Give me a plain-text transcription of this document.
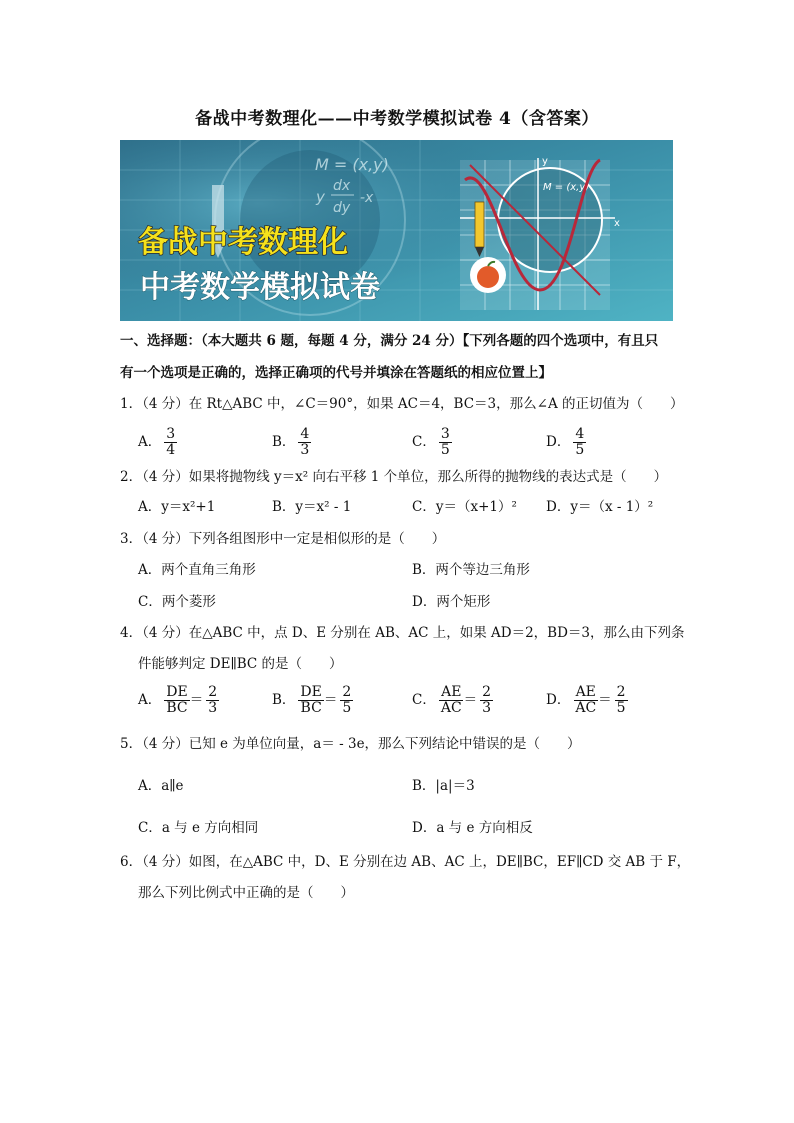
备战中考数理化——中考数学模拟试卷 4（含答案）
M = (x,y)
y
dx
dy
-x
备战中考数理化
中考数学模拟试卷
y
x
M = (x,y)
一、选择题：（本大题共 6 题，每题 4 分，满分 24 分）【下列各题的四个选项中，有且只
有一个选项是正确的，选择正确项的代号并填涂在答题纸的相应位置上】
1．（4 分）在 Rt△ABC 中，∠C＝90°，如果 AC＝4，BC＝3，那么∠A 的正切值为（　　）
A． $\frac{3}{4}$	B． $\frac{4}{3}$	C． $\frac{3}{5}$	D． $\frac{4}{5}$
2．（4 分）如果将抛物线 y＝x² 向右平移 1 个单位，那么所得的抛物线的表达式是（　　）
A．y＝x²+1	B．y＝x² - 1	C．y＝（x+1）² D．y＝（x - 1）²
3．（4 分）下列各组图形中一定是相似形的是（　　）
A．两个直角三角形	B．两个等边三角形
C．两个菱形	D．两个矩形
4．（4 分）在△ABC 中，点 D、E 分别在 AB、AC 上，如果 AD＝2，BD＝3，那么由下列条
件能够判定 DE∥BC 的是（　　）
A． $\frac{DE}{BC} = \frac{2}{3}$	B． $\frac{DE}{BC} = \frac{2}{5}$	C． $\frac{AE}{AC} = \frac{2}{3}$	D． $\frac{AE}{AC} = \frac{2}{5}$
5．（4 分）已知 e 为单位向量，a＝ - 3e，那么下列结论中错误的是（　　）
A．a∥e	B．|a|＝3
C．a 与 e 方向相同	D．a 与 e 方向相反
6．（4 分）如图，在△ABC 中，D、E 分别在边 AB、AC 上，DE∥BC，EF∥CD 交 AB 于 F，
那么下列比例式中正确的是（　　）
